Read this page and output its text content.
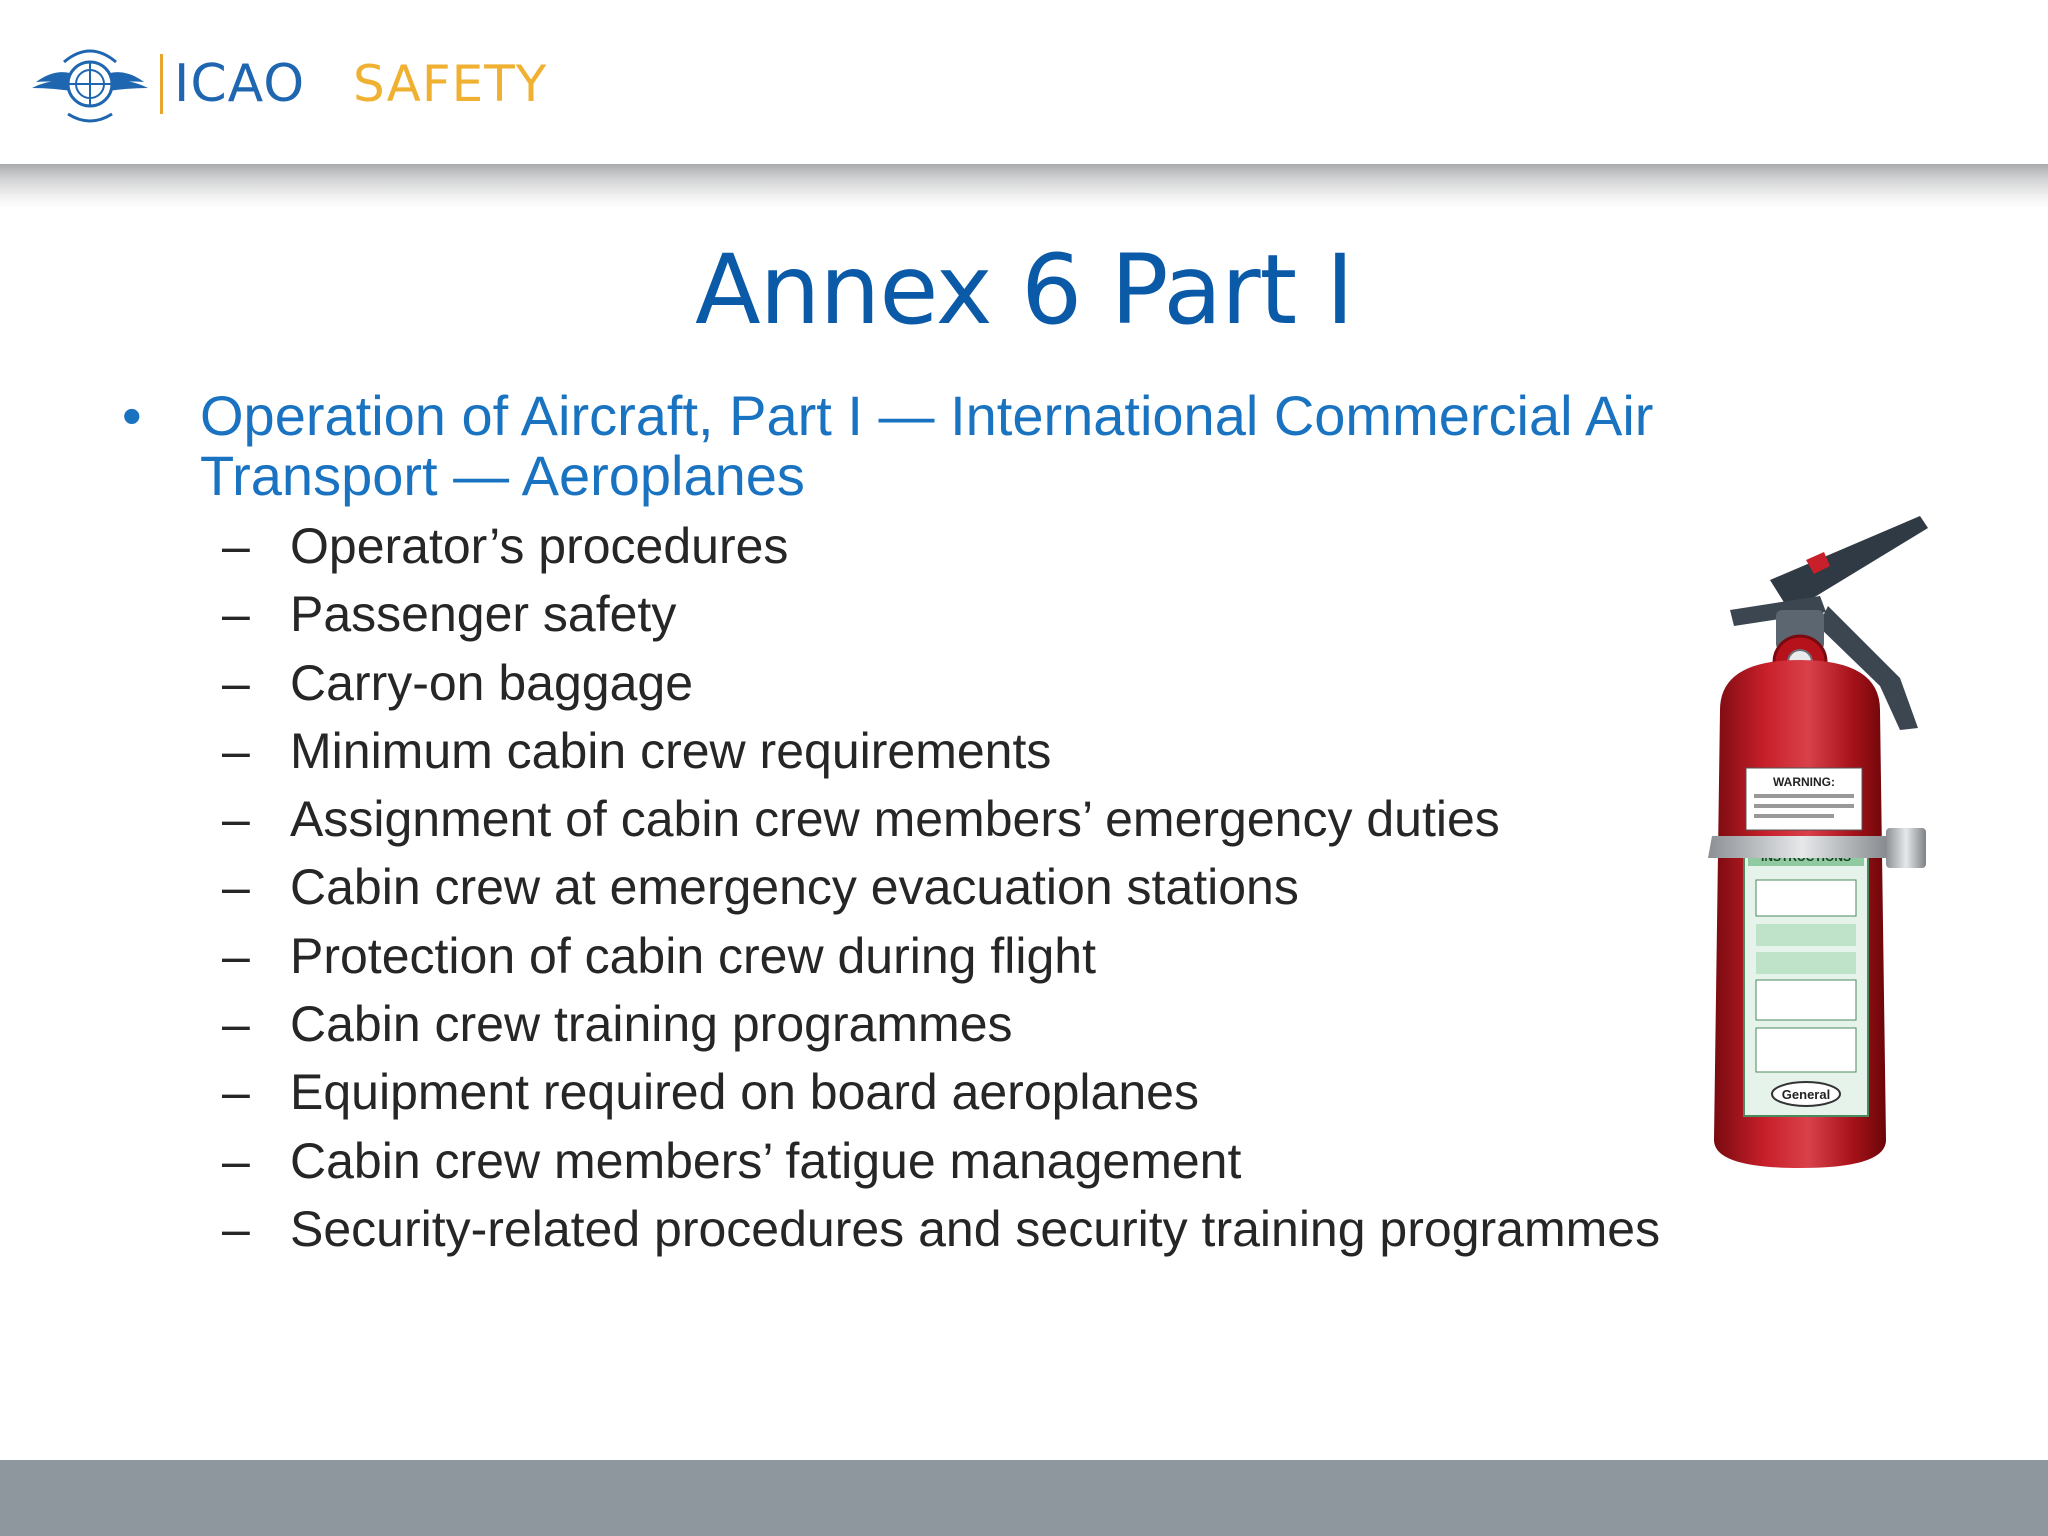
ICAO SAFETY
Annex 6 Part I
• Operation of Aircraft, Part I — International Commercial Air Transport — Aeroplanes
– Operator’s procedures
– Passenger safety
– Carry-on baggage
– Minimum cabin crew requirements
– Assignment of cabin crew members’ emergency duties
– Cabin crew at emergency evacuation stations
– Protection of cabin crew during flight
– Cabin crew training programmes
– Equipment required on board aeroplanes
– Cabin crew members’ fatigue management
– Security-related procedures and security training programmes
WARNING:
General
